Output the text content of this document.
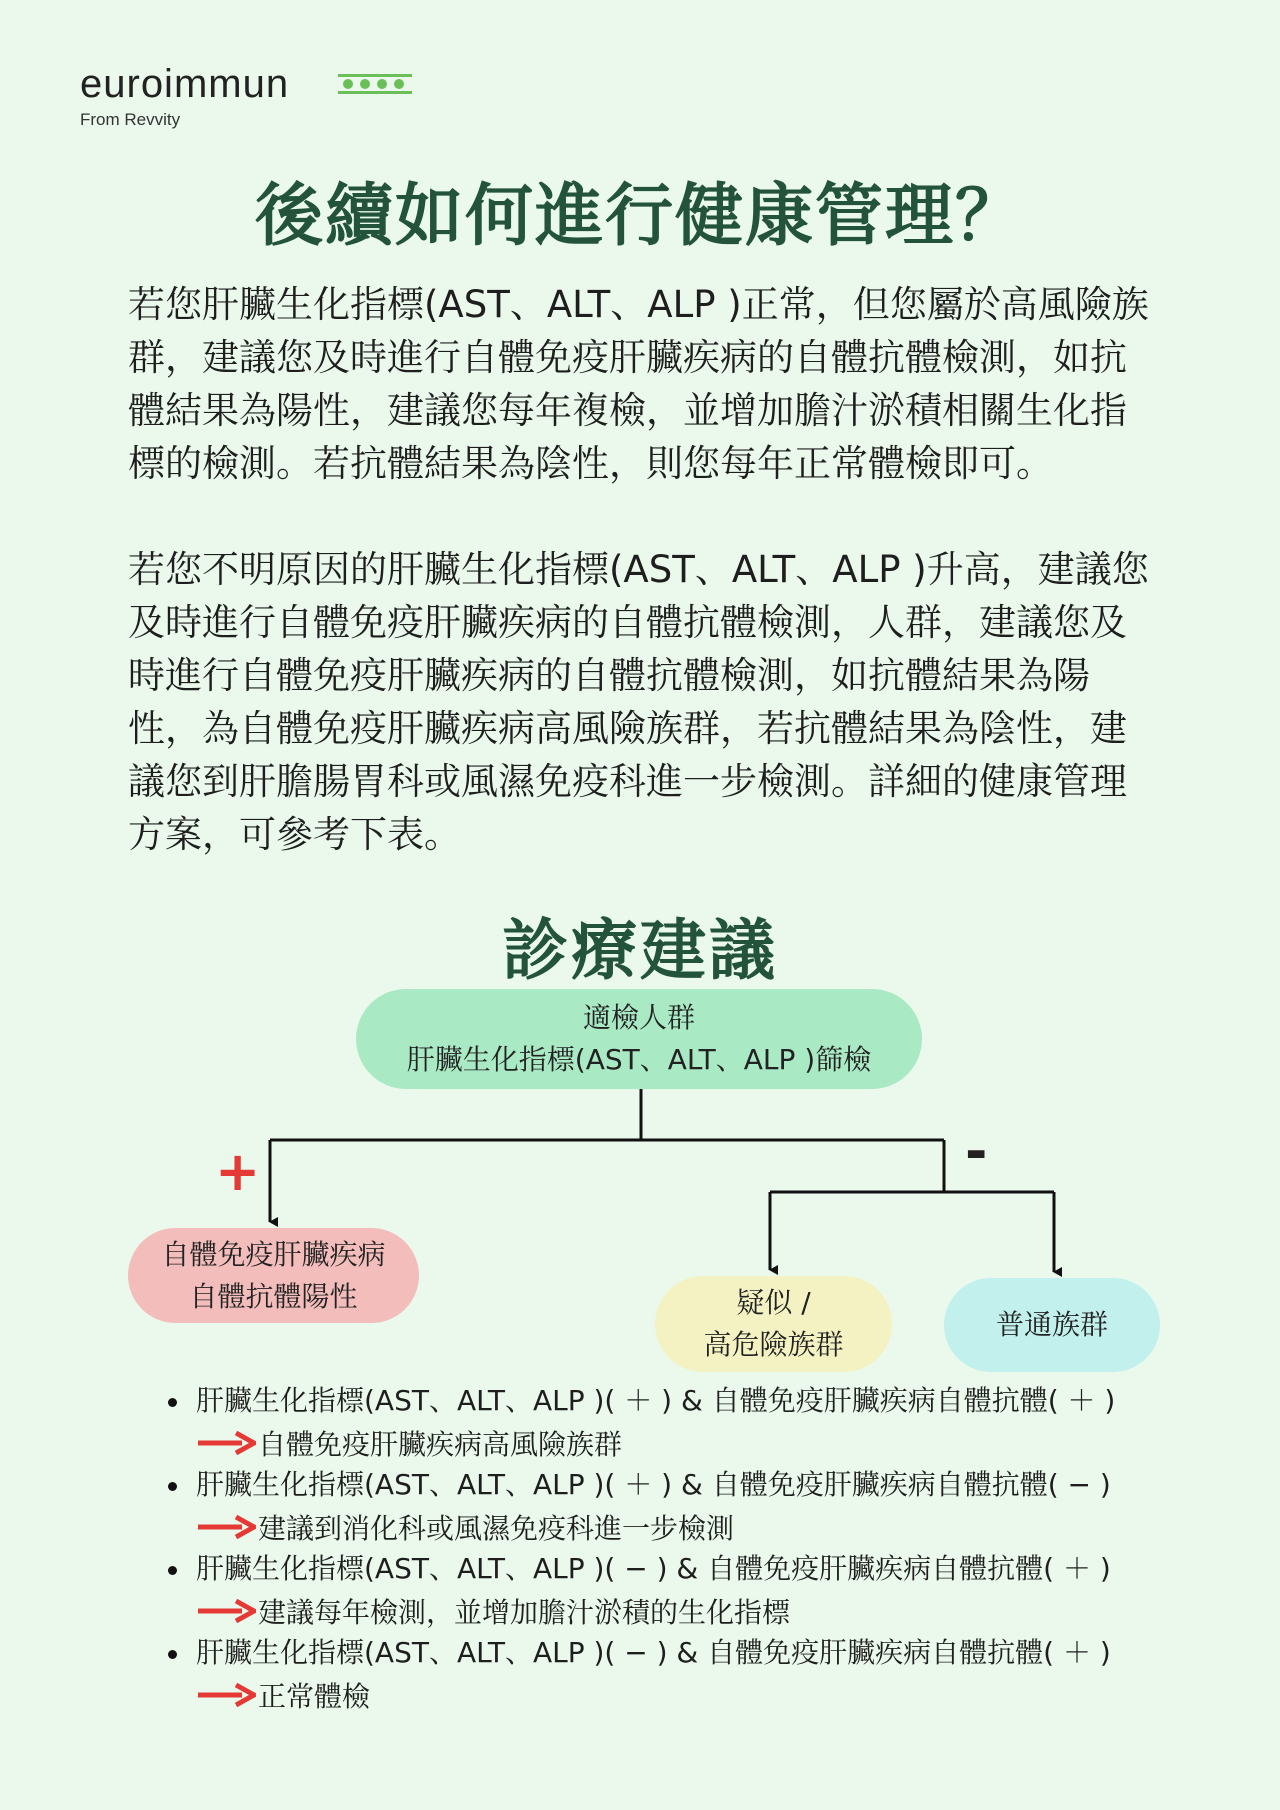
euroimmun
From Revvity
後續如何進行健康管理？
若您肝臟生化指標(AST、ALT、ALP )正常，但您屬於高風險族群，建議您及時進行自體免疫肝臟疾病的自體抗體檢測，如抗體結果為陽性，建議您每年複檢，並增加膽汁淤積相關生化指標的檢測。若抗體結果為陰性，則您每年正常體檢即可。
若您不明原因的肝臟生化指標(AST、ALT、ALP )升高，建議您及時進行自體免疫肝臟疾病的自體抗體檢測，人群，建議您及時進行自體免疫肝臟疾病的自體抗體檢測，如抗體結果為陽性，為自體免疫肝臟疾病高風險族群，若抗體結果為陰性，建議您到肝膽腸胃科或風濕免疫科進一步檢測。詳細的健康管理方案，可參考下表。
診療建議
+	-
適檢人群
肝臟生化指標(AST、ALT、ALP )篩檢
自體免疫肝臟疾病
自體抗體陽性	疑似 /
高危險族群
普通族群
肝臟生化指標(AST、ALT、ALP )( ＋ ) & 自體免疫肝臟疾病自體抗體( ＋ )
自體免疫肝臟疾病高風險族群
肝臟生化指標(AST、ALT、ALP )( ＋ ) & 自體免疫肝臟疾病自體抗體( − )
建議到消化科或風濕免疫科進一步檢測
肝臟生化指標(AST、ALT、ALP )( − ) & 自體免疫肝臟疾病自體抗體( ＋ )
建議每年檢測，並增加膽汁淤積的生化指標
肝臟生化指標(AST、ALT、ALP )( − ) & 自體免疫肝臟疾病自體抗體( ＋ )
正常體檢
